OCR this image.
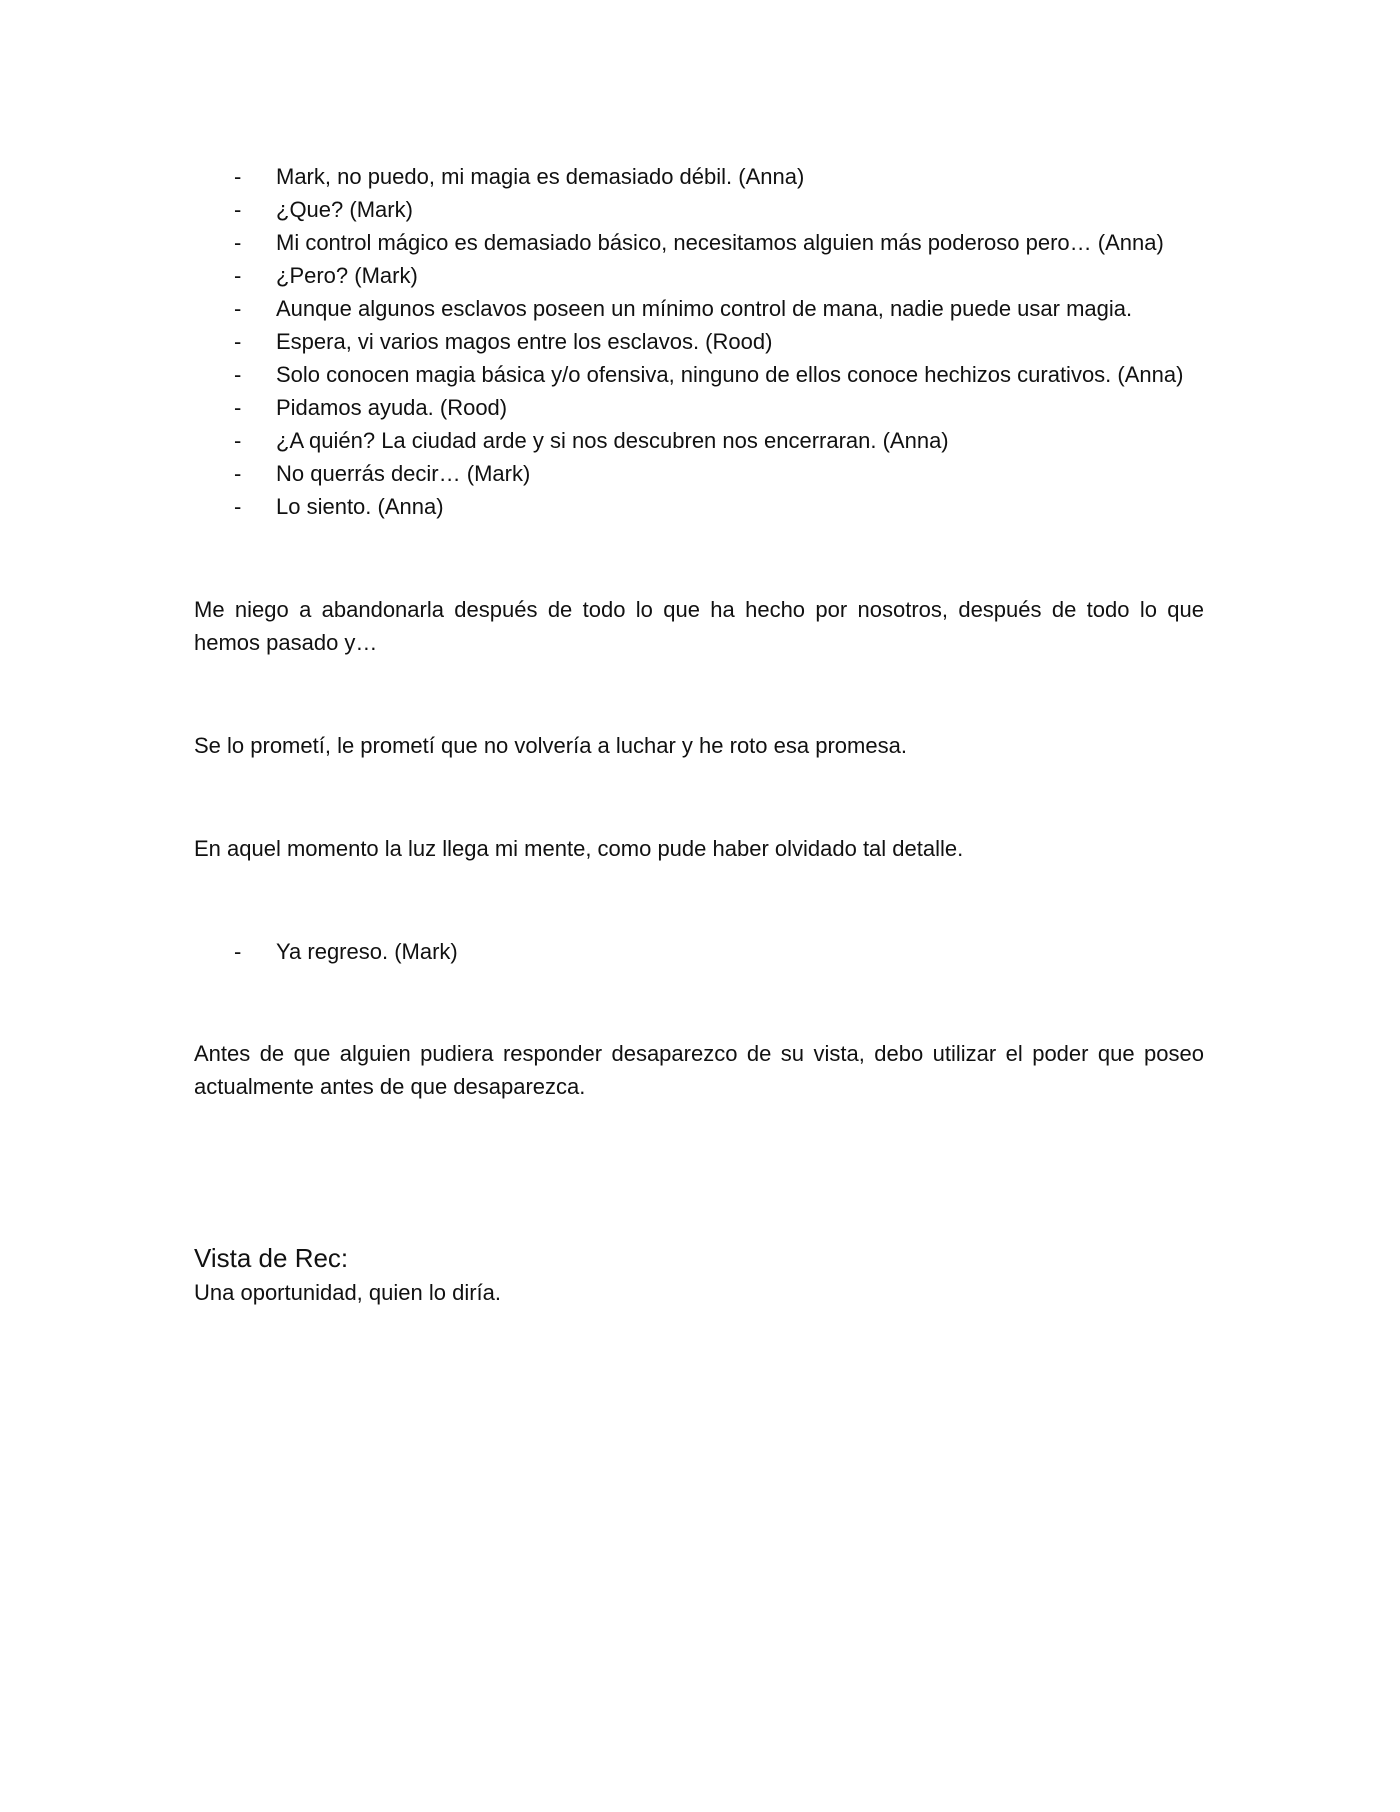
- Mark, no puedo, mi magia es demasiado débil. (Anna)
- ¿Que? (Mark)
- Mi control mágico es demasiado básico, necesitamos alguien más poderoso pero… (Anna)
- ¿Pero? (Mark)
- Aunque algunos esclavos poseen un mínimo control de mana, nadie puede usar magia.
- Espera, vi varios magos entre los esclavos. (Rood)
- Solo conocen magia básica y/o ofensiva, ninguno de ellos conoce hechizos curativos. (Anna)
- Pidamos ayuda. (Rood)
- ¿A quién? La ciudad arde y si nos descubren nos encerraran. (Anna)
- No querrás decir… (Mark)
- Lo siento. (Anna)

Me niego a abandonarla después de todo lo que ha hecho por nosotros, después de todo lo que hemos pasado y…

Se lo prometí, le prometí que no volvería a luchar y he roto esa promesa.

En aquel momento la luz llega mi mente, como pude haber olvidado tal detalle.

- Ya regreso. (Mark)

Antes de que alguien pudiera responder desaparezco de su vista, debo utilizar el poder que poseo actualmente antes de que desaparezca.

Vista de Rec:

Una oportunidad, quien lo diría.
